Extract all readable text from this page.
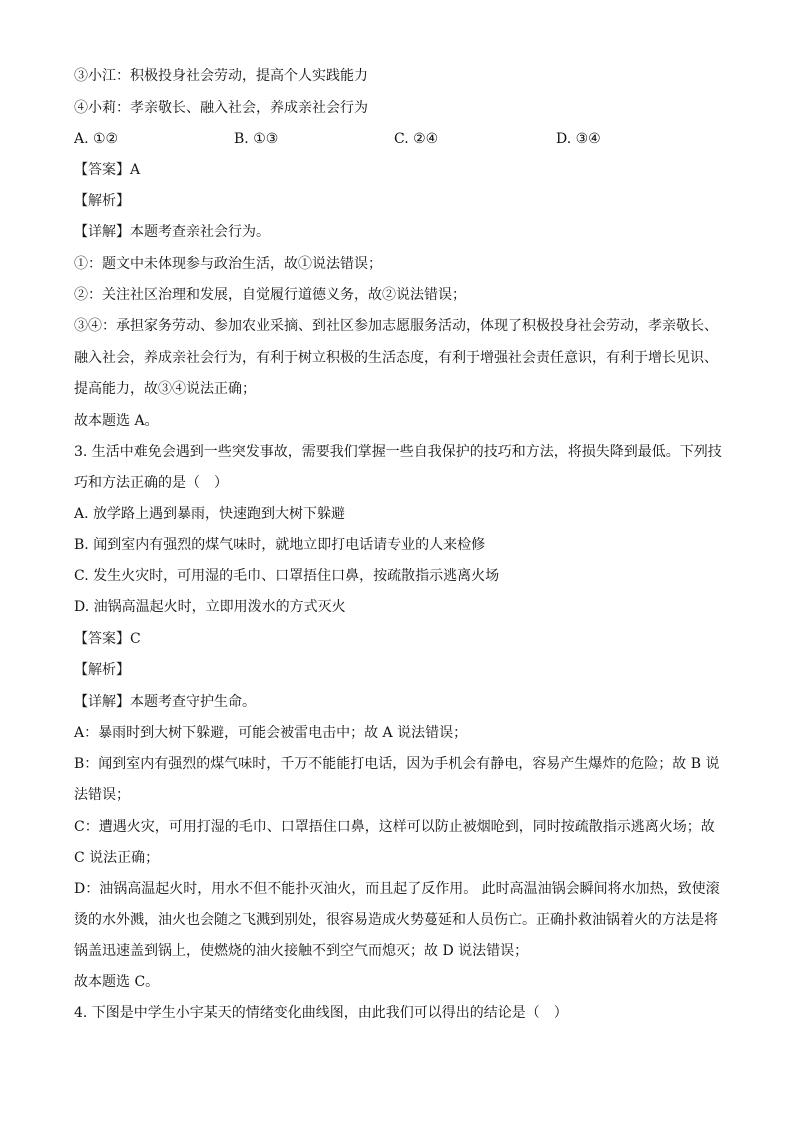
③小江：积极投身社会劳动，提高个人实践能力
④小莉：孝亲敬长、融入社会，养成亲社会行为
A. ①②	B. ①③	C. ②④	D. ③④
【答案】A
【解析】
【详解】本题考查亲社会行为。
①：题文中未体现参与政治生活，故①说法错误；
②：关注社区治理和发展，自觉履行道德义务，故②说法错误；
③④：承担家务劳动、参加农业采摘、到社区参加志愿服务活动，体现了积极投身社会劳动，孝亲敬长、
融入社会，养成亲社会行为，有利于树立积极的生活态度，有利于增强社会责任意识，有利于增长见识、
提高能力，故③④说法正确；
故本题选 A。
3. 生活中难免会遇到一些突发事故，需要我们掌握一些自我保护的技巧和方法，将损失降到最低。下列技
巧和方法正确的是（　）
A. 放学路上遇到暴雨，快速跑到大树下躲避
B. 闻到室内有强烈的煤气味时，就地立即打电话请专业的人来检修
C. 发生火灾时，可用湿的毛巾、口罩捂住口鼻，按疏散指示逃离火场
D. 油锅高温起火时，立即用泼水的方式灭火
【答案】C
【解析】
【详解】本题考查守护生命。
A：暴雨时到大树下躲避，可能会被雷电击中；故 A 说法错误；
B：闻到室内有强烈的煤气味时，千万不能能打电话，因为手机会有静电，容易产生爆炸的危险；故 B 说
法错误；
C：遭遇火灾，可用打湿的毛巾、口罩捂住口鼻，这样可以防止被烟呛到，同时按疏散指示逃离火场；故
C 说法正确；
D：油锅高温起火时，用水不但不能扑灭油火，而且起了反作用。 此时高温油锅会瞬间将水加热，致使滚
烫的水外溅，油火也会随之飞溅到别处，很容易造成火势蔓延和人员伤亡。正确扑救油锅着火的方法是将
锅盖迅速盖到锅上，使燃烧的油火接触不到空气而熄灭；故 D 说法错误；
故本题选 C。
4. 下图是中学生小宇某天的情绪变化曲线图，由此我们可以得出的结论是（　）
